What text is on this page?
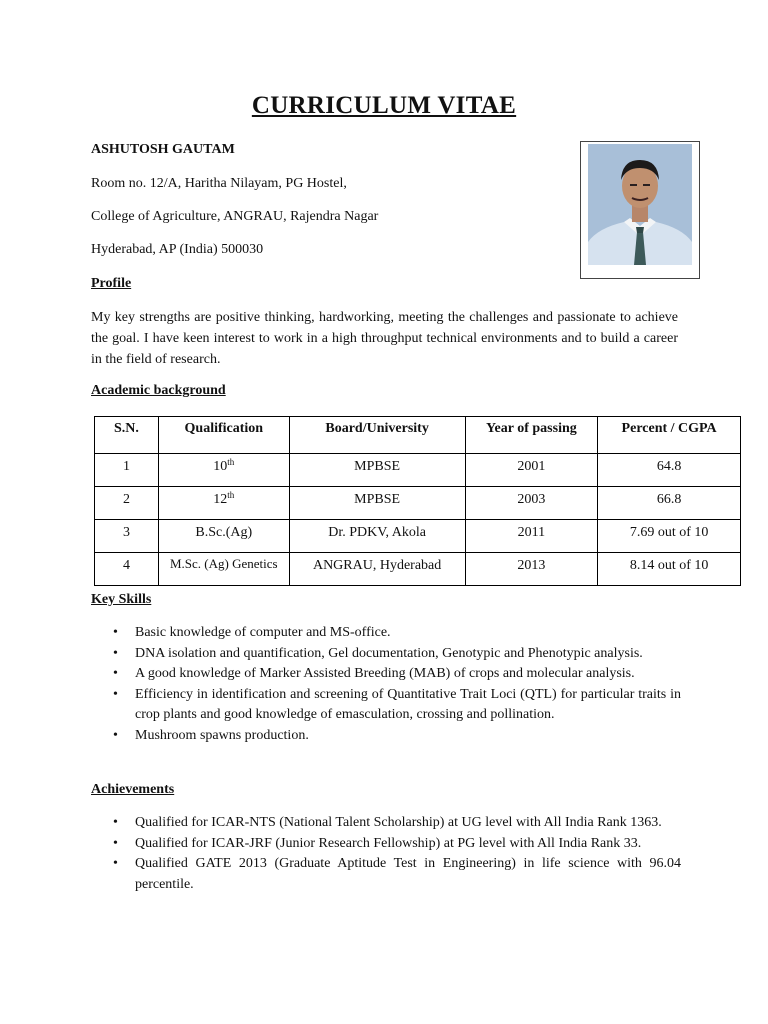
CURRICULUM VITAE
ASHUTOSH GAUTAM
Room no. 12/A, Haritha Nilayam, PG Hostel,
College of Agriculture, ANGRAU, Rajendra Nagar
Hyderabad, AP (India) 500030
Profile
My key strengths are positive thinking, hardworking, meeting the challenges and passionate to achieve the goal. I have keen interest to work in a high throughput technical environments and to build a career in the field of research.
Academic background
S.N.	Qualification	Board/University	Year of passing	Percent / CGPA
1	10th	MPBSE	2001	64.8
2	12th	MPBSE	2003	66.8
3	B.Sc.(Ag)	Dr. PDKV, Akola	2011	7.69 out of 10
4	M.Sc. (Ag) Genetics	ANGRAU, Hyderabad	2013	8.14 out of 10
Key Skills
• Basic knowledge of computer and MS-office.
• DNA isolation and quantification, Gel documentation, Genotypic and Phenotypic analysis.
• A good knowledge of Marker Assisted Breeding (MAB) of crops and molecular analysis.
• Efficiency in identification and screening of Quantitative Trait Loci (QTL) for particular traits in crop plants and good knowledge of emasculation, crossing and pollination.
• Mushroom spawns production.
Achievements
• Qualified for ICAR-NTS (National Talent Scholarship) at UG level with All India Rank 1363.
• Qualified for ICAR-JRF (Junior Research Fellowship) at PG level with All India Rank 33.
• Qualified GATE 2013 (Graduate Aptitude Test in Engineering) in life science with 96.04 percentile.
